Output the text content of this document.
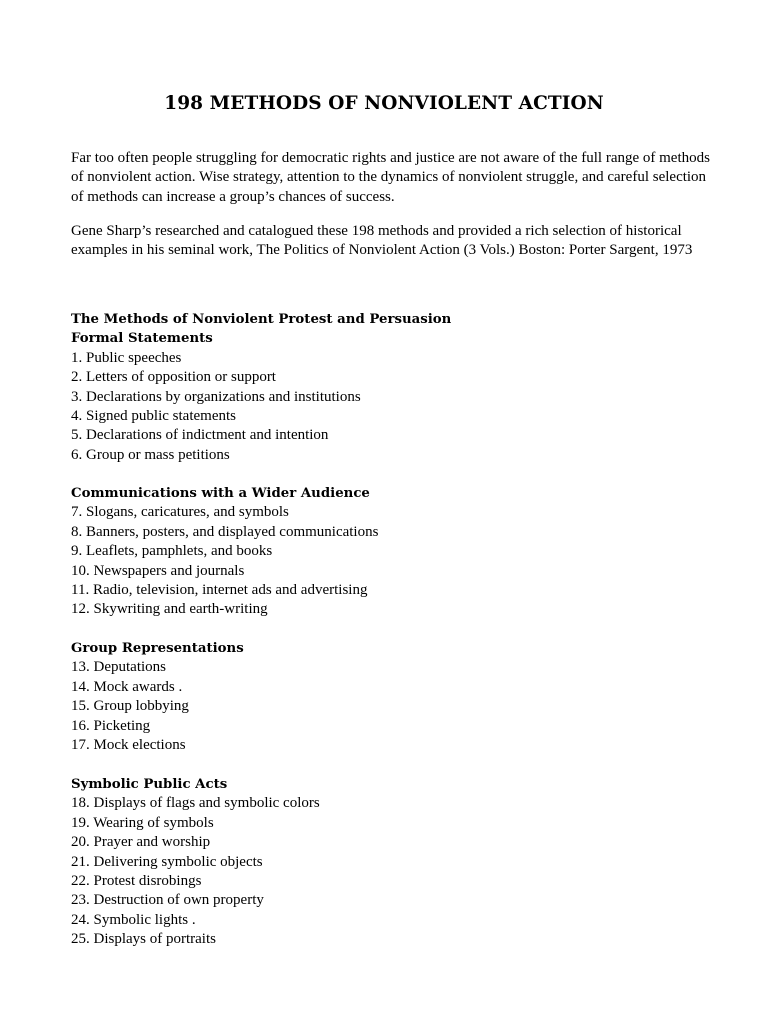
198 METHODS OF NONVIOLENT ACTION

Far too often people struggling for democratic rights and justice are not aware of the full range of methods of nonviolent action. Wise strategy, attention to the dynamics of nonviolent struggle, and careful selection of methods can increase a group’s chances of success.

Gene Sharp’s researched and catalogued these 198 methods and provided a rich selection of historical examples in his seminal work, The Politics of Nonviolent Action (3 Vols.) Boston: Porter Sargent, 1973

The Methods of Nonviolent Protest and Persuasion
Formal Statements
1. Public speeches
2. Letters of opposition or support
3. Declarations by organizations and institutions
4. Signed public statements
5. Declarations of indictment and intention
6. Group or mass petitions
Communications with a Wider Audience
7. Slogans, caricatures, and symbols
8. Banners, posters, and displayed communications
9. Leaflets, pamphlets, and books
10. Newspapers and journals
11. Radio, television, internet ads and advertising
12. Skywriting and earth-writing
Group Representations
13. Deputations
14. Mock awards .
15. Group lobbying
16. Picketing
17. Mock elections
Symbolic Public Acts
18. Displays of flags and symbolic colors
19. Wearing of symbols
20. Prayer and worship
21. Delivering symbolic objects
22. Protest disrobings
23. Destruction of own property
24. Symbolic lights .
25. Displays of portraits
